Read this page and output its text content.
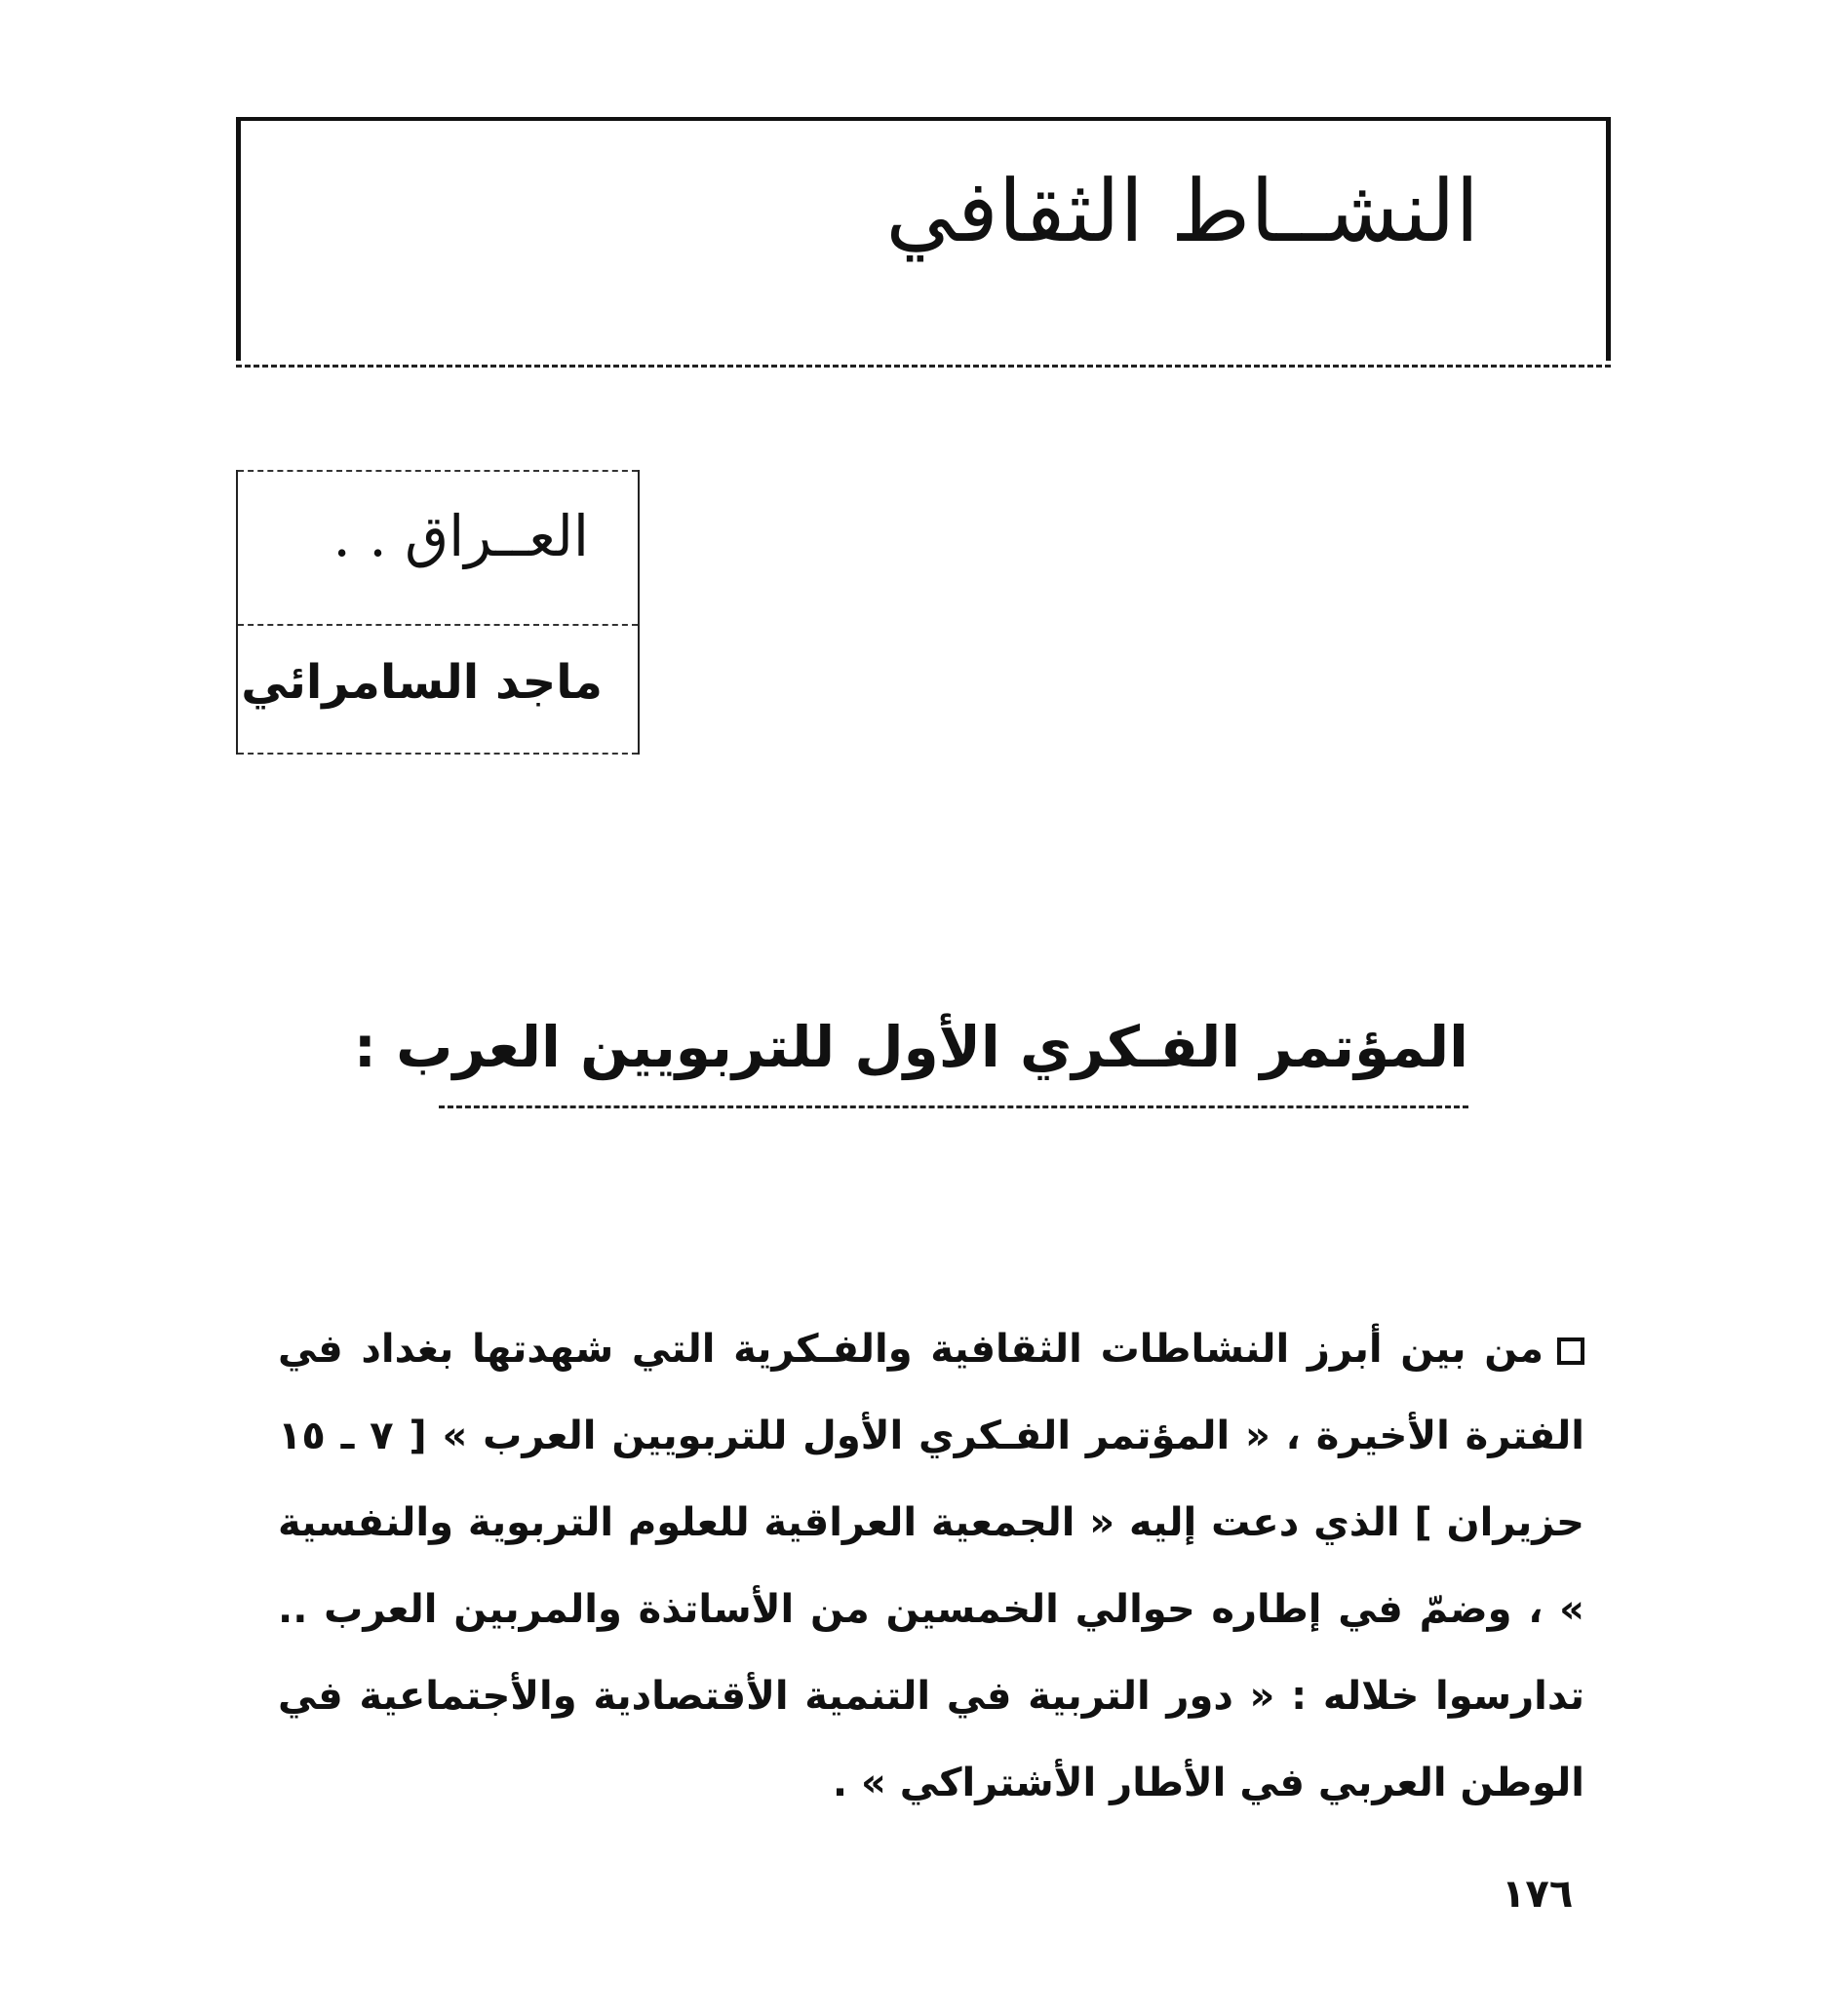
النشــاط الثقافي
العــراق . .
ماجد السامرائي
المؤتمر الفـكري الأول للتربويين العرب :
من بين أبرز النشاطات الثقافية والفـكرية التي شهدتها بغداد في الفترة الأخيرة ، « المؤتمر الفـكري الأول للتربويين العرب » [ ٧ ـ ١٥ حزيران ] الذي دعت إليه « الجمعية العراقية للعلوم التربوية والنفسية » ، وضمّ في إطاره حوالي الخمسين من الأساتذة والمربين العرب .. تدارسوا خلاله : « دور التربية في التنمية الأقتصادية والأجتماعية في الوطن العربي في الأطار الأشتراكي » .
١٧٦
